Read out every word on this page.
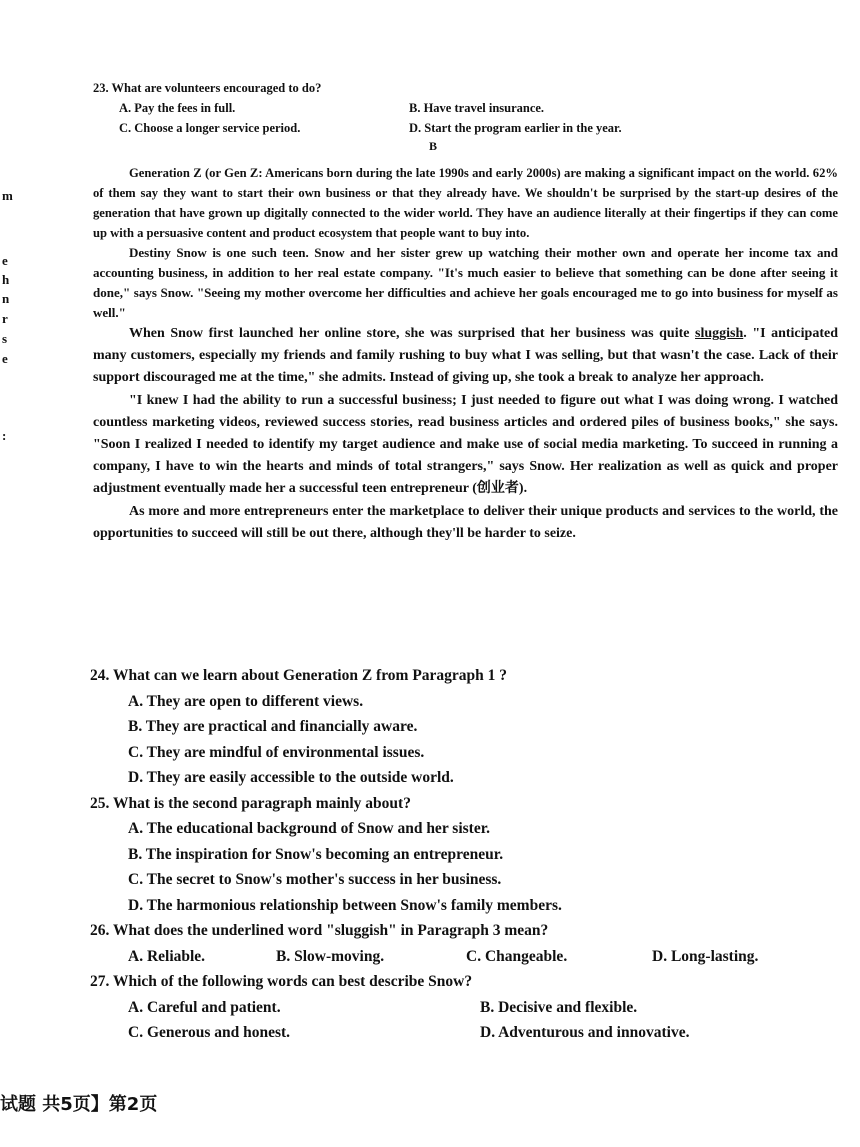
m
e
h
n
r
s
e
:
23. What are volunteers encouraged to do?
A. Pay the fees in full.	B. Have travel insurance.
C. Choose a longer service period.	D. Start the program earlier in the year.
B

Generation Z (or Gen Z: Americans born during the late 1990s and early 2000s) are making a significant impact on the world. 62% of them say they want to start their own business or that they already have. We shouldn't be surprised by the start-up desires of the generation that have grown up digitally connected to the wider world. They have an audience literally at their fingertips if they can come up with a persuasive content and product ecosystem that people want to buy into.

Destiny Snow is one such teen. Snow and her sister grew up watching their mother own and operate her income tax and accounting business, in addition to her real estate company. "It's much easier to believe that something can be done after seeing it done," says Snow. "Seeing my mother overcome her difficulties and achieve her goals encouraged me to go into business for myself as well."

When Snow first launched her online store, she was surprised that her business was quite sluggish. "I anticipated many customers, especially my friends and family rushing to buy what I was selling, but that wasn't the case. Lack of their support discouraged me at the time," she admits. Instead of giving up, she took a break to analyze her approach.

"I knew I had the ability to run a successful business; I just needed to figure out what I was doing wrong. I watched countless marketing videos, reviewed success stories, read business articles and ordered piles of business books," she says. "Soon I realized I needed to identify my target audience and make use of social media marketing. To succeed in running a company, I have to win the hearts and minds of total strangers," says Snow. Her realization as well as quick and proper adjustment eventually made her a successful teen entrepreneur (创业者).

As more and more entrepreneurs enter the marketplace to deliver their unique products and services to the world, the opportunities to succeed will still be out there, although they'll be harder to seize.

24. What can we learn about Generation Z from Paragraph 1 ?
A. They are open to different views.
B. They are practical and financially aware.
C. They are mindful of environmental issues.
D. They are easily accessible to the outside world.
25. What is the second paragraph mainly about?
A. The educational background of Snow and her sister.
B. The inspiration for Snow's becoming an entrepreneur.
C. The secret to Snow's mother's success in her business.
D. The harmonious relationship between Snow's family members.
26. What does the underlined word "sluggish" in Paragraph 3 mean?
A. Reliable.	B. Slow-moving.	C. Changeable.	D. Long-lasting.
27. Which of the following words can best describe Snow?
A. Careful and patient.	B. Decisive and flexible.
C. Generous and honest.	D. Adventurous and innovative.
试题 共5页】第2页
